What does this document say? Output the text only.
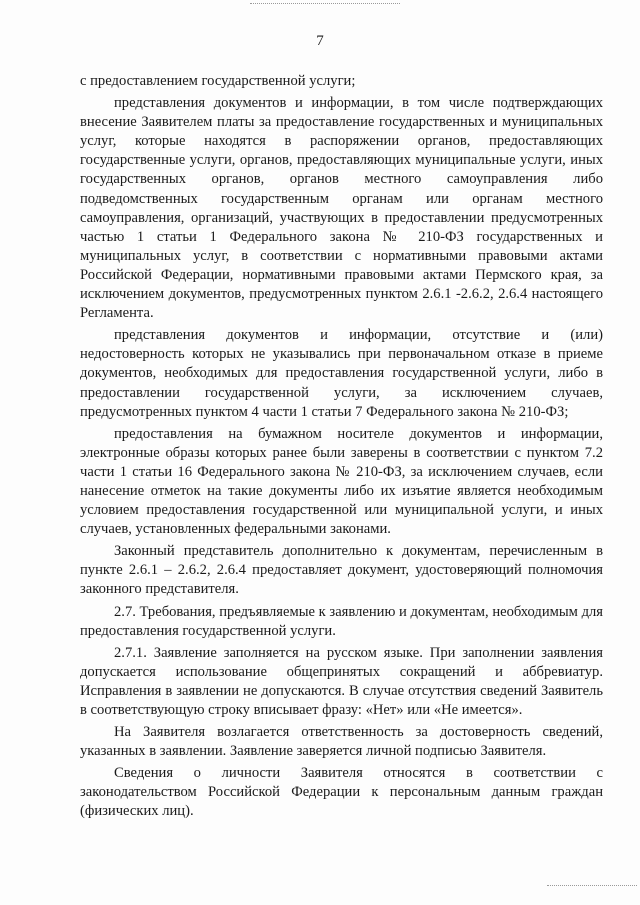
7

с предоставлением государственной услуги;

представления документов и информации, в том числе подтверждающих внесение Заявителем платы за предоставление государственных и муниципальных услуг, которые находятся в распоряжении органов, предоставляющих государственные услуги, органов, предоставляющих муниципальные услуги, иных государственных органов, органов местного самоуправления либо подведомственных государственным органам или органам местного самоуправления, организаций, участвующих в предоставлении предусмотренных частью 1 статьи 1 Федерального закона № 210-ФЗ государственных и муниципальных услуг, в соответствии с нормативными правовыми актами Российской Федерации, нормативными правовыми актами Пермского края, за исключением документов, предусмотренных пунктом 2.6.1 -2.6.2, 2.6.4 настоящего Регламента.

представления документов и информации, отсутствие и (или) недостоверность которых не указывались при первоначальном отказе в приеме документов, необходимых для предоставления государственной услуги, либо в предоставлении государственной услуги, за исключением случаев, предусмотренных пунктом 4 части 1 статьи 7 Федерального закона № 210-ФЗ;

предоставления на бумажном носителе документов и информации, электронные образы которых ранее были заверены в соответствии с пунктом 7.2 части 1 статьи 16 Федерального закона № 210-ФЗ, за исключением случаев, если нанесение отметок на такие документы либо их изъятие является необходимым условием предоставления государственной или муниципальной услуги, и иных случаев, установленных федеральными законами.

Законный представитель дополнительно к документам, перечисленным в пункте 2.6.1 – 2.6.2, 2.6.4 предоставляет документ, удостоверяющий полномочия законного представителя.

2.7. Требования, предъявляемые к заявлению и документам, необходимым для предоставления государственной услуги.

2.7.1. Заявление заполняется на русском языке. При заполнении заявления допускается использование общепринятых сокращений и аббревиатур. Исправления в заявлении не допускаются. В случае отсутствия сведений Заявитель в соответствующую строку вписывает фразу: «Нет» или «Не имеется».

На Заявителя возлагается ответственность за достоверность сведений, указанных в заявлении. Заявление заверяется личной подписью Заявителя.

Сведения о личности Заявителя относятся в соответствии с законодательством Российской Федерации к персональным данным граждан (физических лиц).
